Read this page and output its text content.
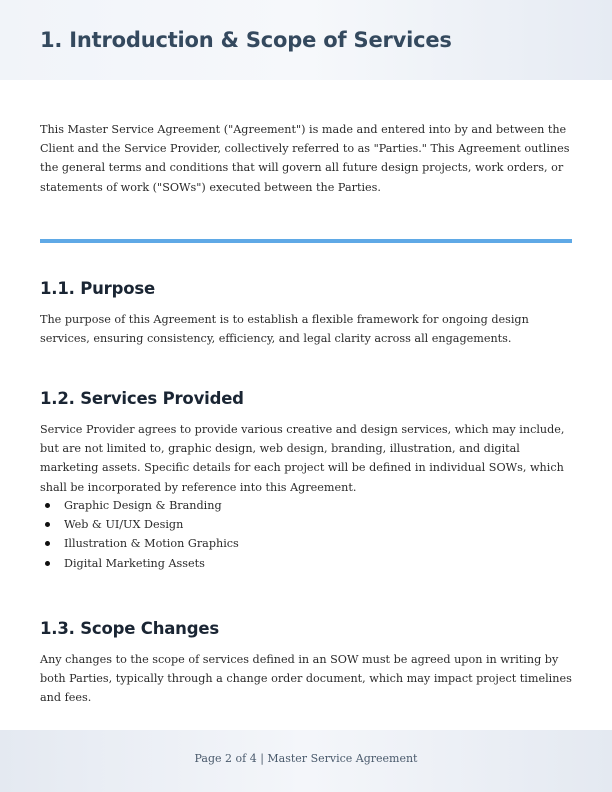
1. Introduction & Scope of Services

This Master Service Agreement ("Agreement") is made and entered into by and between the Client and the Service Provider, collectively referred to as "Parties." This Agreement outlines the general terms and conditions that will govern all future design projects, work orders, or statements of work ("SOWs") executed between the Parties.

1.1. Purpose

The purpose of this Agreement is to establish a flexible framework for ongoing design services, ensuring consistency, efficiency, and legal clarity across all engagements.

1.2. Services Provided

Service Provider agrees to provide various creative and design services, which may include, but are not limited to, graphic design, web design, branding, illustration, and digital marketing assets. Specific details for each project will be defined in individual SOWs, which shall be incorporated by reference into this Agreement.

Graphic Design & Branding
Web & UI/UX Design
Illustration & Motion Graphics
Digital Marketing Assets
1.3. Scope Changes

Any changes to the scope of services defined in an SOW must be agreed upon in writing by both Parties, typically through a change order document, which may impact project timelines and fees.

Page 2 of 4 | Master Service Agreement
